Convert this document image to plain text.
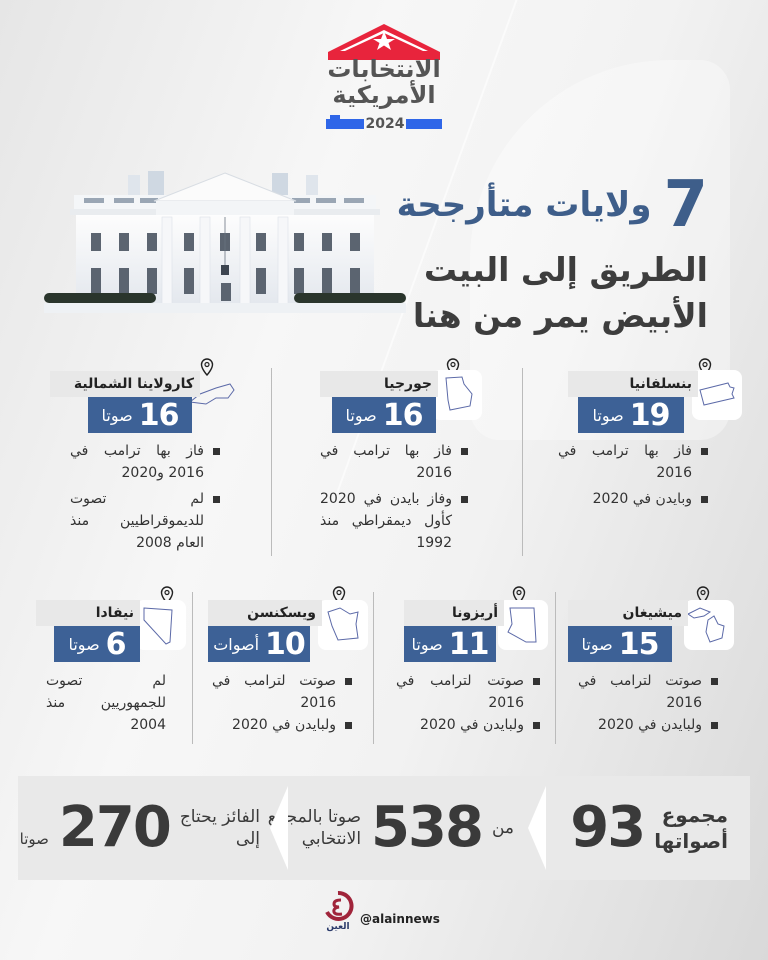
الانتخابات
الأمريكية
2024
7
ولايات متأرجحة
الطريق إلى البيت
الأبيض يمر من هنا
بنسلفانيا
19
صوتا
فاز بها ترامب في 2016
وبايدن في 2020
جورجيا
16
صوتا
فاز بها ترامب في 2016
وفاز بايدن في 2020 كأول ديمقراطي منذ 1992
كارولاينا الشمالية
16
صوتا
فاز بها ترامب في 2016 و2020
لم تصوت للديموقراطيين منذ العام 2008
ميشيغان
15
صوتا
صوتت لترامب في 2016
ولبايدن في 2020
أريزونا
11
صوتا
صوتت لترامب في 2016
ولبايدن في 2020
ويسكنسن
10
أصوات
صوتت لترامب في 2016
ولبايدن في 2020
نيفادا
6
صوتا
لم تصوت للجمهوريين منذ 2004
مجموع
أصواتها
93
من
538
صوتا بالمجمع
الانتخابي
الفائز يحتاج
إلى
270
صوتا
العين
@alainnews
